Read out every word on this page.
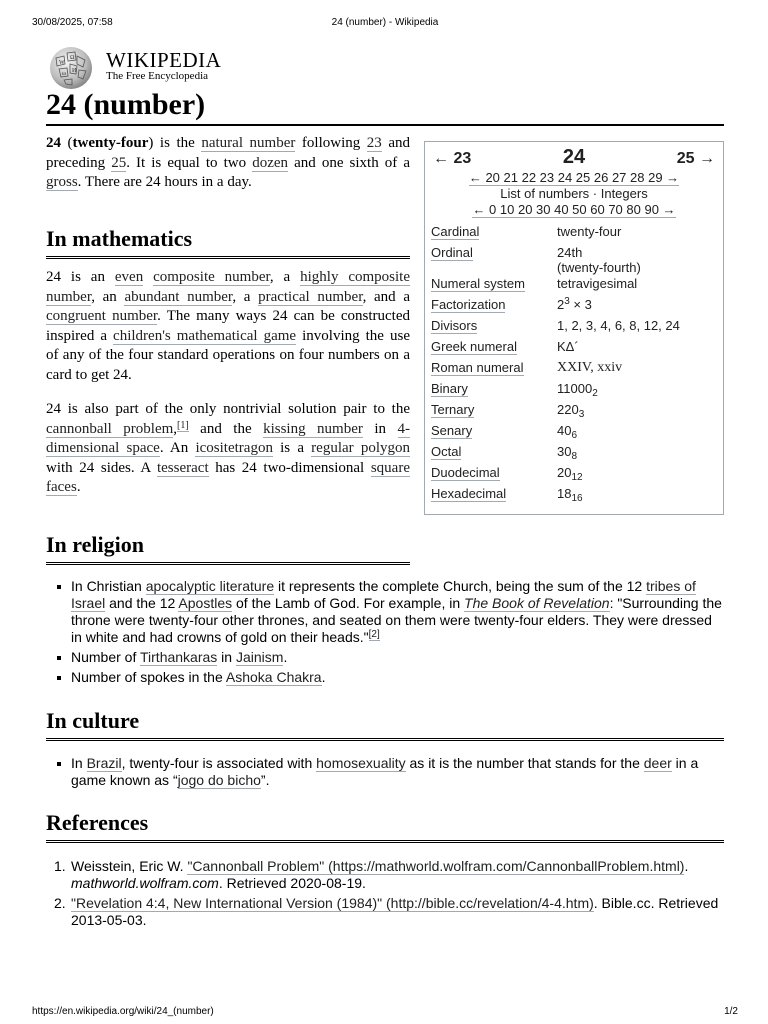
30/08/2025, 07:58	24 (number) - Wikipedia
W
Ω
И
ω
WIKIPEDIA
The Free Encyclopedia
24 (number)

24 (twenty-four) is the natural number following 23 and preceding 25. It is equal to two dozen and one sixth of a gross. There are 24 hours in a day.

In mathematics

24 is an even composite number, a highly composite number, an abundant number, a practical number, and a congruent number. The many ways 24 can be constructed inspired a children's mathematical game involving the use of any of the four standard operations on four numbers on a card to get 24.

24 is also part of the only nontrivial solution pair to the cannonball problem,[1] and the kissing number in 4-dimensional space. An icositetragon is a regular polygon with 24 sides. A tesseract has 24 two-dimensional square faces.

← 23	24	25 →
← 20 21 22 23 24 25 26 27 28 29 →
List of numbers · Integers
← 0 10 20 30 40 50 60 70 80 90 →
Cardinal	twenty-four
Ordinal	24th
(twenty-fourth)
Numeral system	tetravigesimal
Factorization	$2^3 \times 3$
Divisors	1, 2, 3, 4, 6, 8, 12, 24
Greek numeral	KΔ´
Roman numeral	XXIV, xxiv
Binary	$11000_2$
Ternary	$220_3$
Senary	$40_6$
Octal	$30_8$
Duodecimal	$20_{12}$
Hexadecimal	$18_{16}$
In religion
In Christian apocalyptic literature it represents the complete Church, being the sum of the 12 tribes of Israel and the 12 Apostles of the Lamb of God. For example, in The Book of Revelation: "Surrounding the throne were twenty-four other thrones, and seated on them were twenty-four elders. They were dressed in white and had crowns of gold on their heads."[2]
Number of Tirthankaras in Jainism.
Number of spokes in the Ashoka Chakra.
In culture
In Brazil, twenty-four is associated with homosexuality as it is the number that stands for the deer in a game known as “jogo do bicho”.
References
1. Weisstein, Eric W. "Cannonball Problem" (https://mathworld.wolfram.com/CannonballProblem.html). mathworld.wolfram.com. Retrieved 2020-08-19.
2. "Revelation 4:4, New International Version (1984)" (http://bible.cc/revelation/4-4.htm). Bible.cc. Retrieved 2013-05-03.
https://en.wikipedia.org/wiki/24_(number)	1/2
